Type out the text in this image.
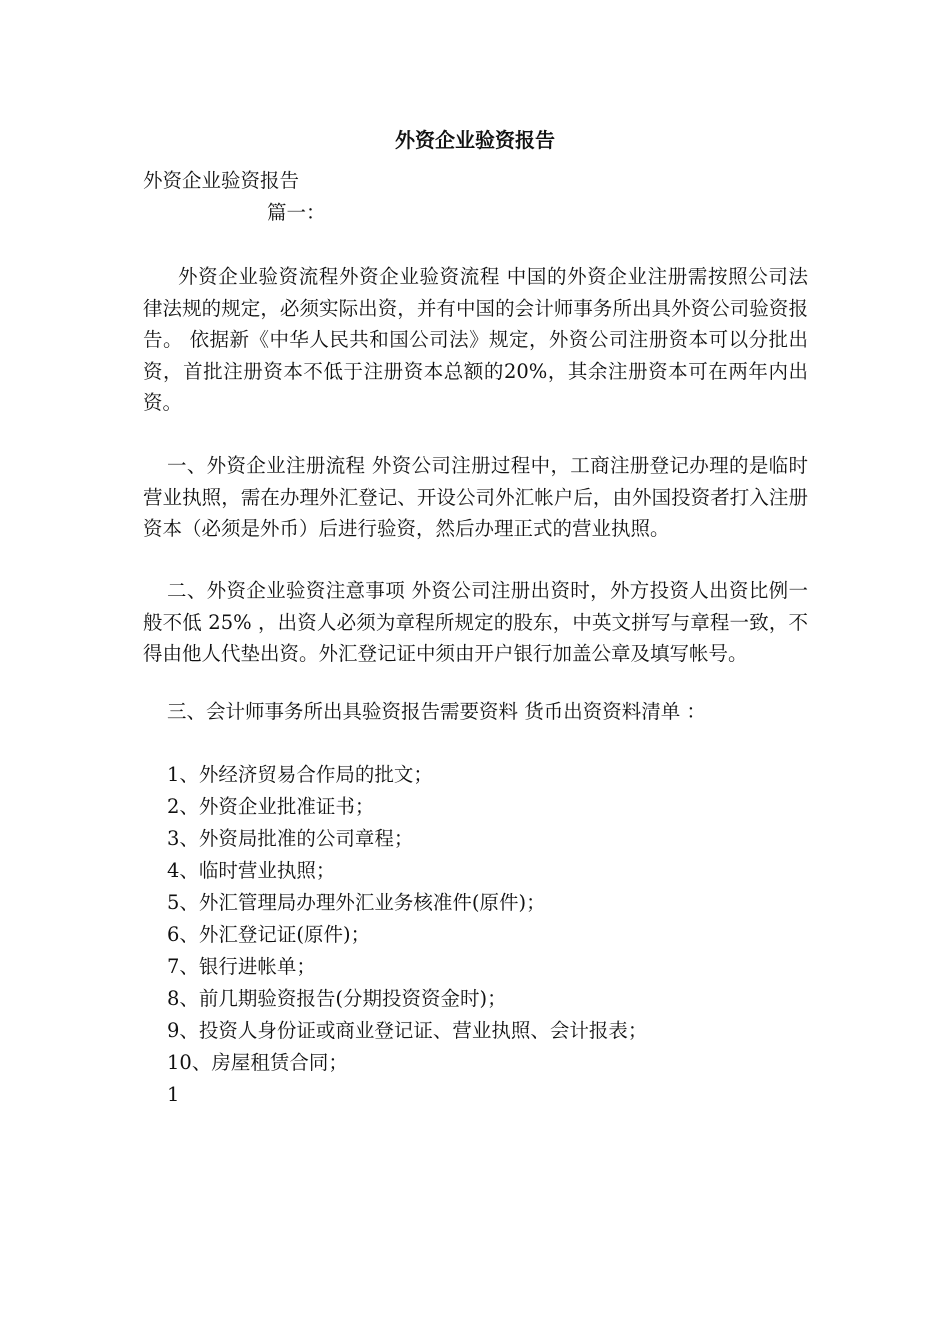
外资企业验资报告
外资企业验资报告
篇一：
外资企业验资流程外资企业验资流程 中国的外资企业注册需按照公司法律法规的规定，必须实际出资，并有中国的会计师事务所出具外资公司验资报告。 依据新《中华人民共和国公司法》规定，外资公司注册资本可以分批出资，首批注册资本不低于注册资本总额的20%，其余注册资本可在两年内出资。
一、外资企业注册流程 外资公司注册过程中，工商注册登记办理的是临时营业执照，需在办理外汇登记、开设公司外汇帐户后，由外国投资者打入注册资本（必须是外币）后进行验资，然后办理正式的营业执照。
二、外资企业验资注意事项 外资公司注册出资时，外方投资人出资比例一般不低 25% ，出资人必须为章程所规定的股东，中英文拼写与章程一致，不得由他人代垫出资。外汇登记证中须由开户银行加盖公章及填写帐号。
三、会计师事务所出具验资报告需要资料 货币出资资料清单 ：
1、外经济贸易合作局的批文；
2、外资企业批准证书；
3、外资局批准的公司章程；
4、临时营业执照；
5、外汇管理局办理外汇业务核准件(原件)；
6、外汇登记证(原件)；
7、银行进帐单；
8、前几期验资报告(分期投资资金时)；
9、投资人身份证或商业登记证、营业执照、会计报表；
10、房屋租赁合同；
1
